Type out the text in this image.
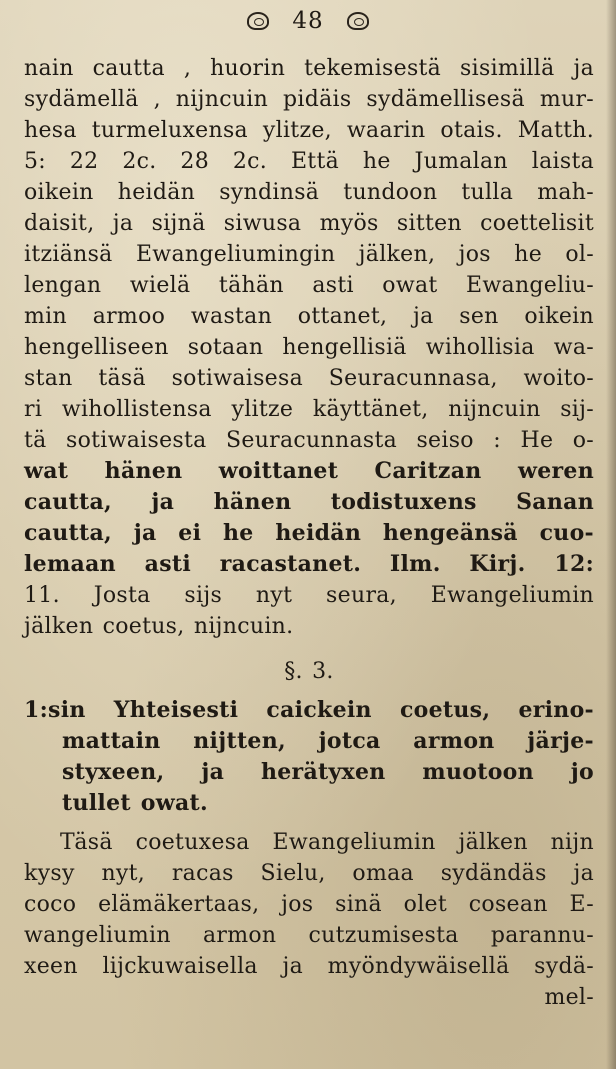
48
nain cautta , huorin tekemisestä sisimillä ja
sydämellä , nijncuin pidäis sydämellisesä mur-
hesa turmeluxensa ylitze, waarin otais. Matth.
5: 22 2c. 28 2c. Että he Jumalan laista
oikein heidän syndinsä tundoon tulla mah-
daisit, ja sijnä siwusa myös sitten coettelisit
itziänsä Ewangeliumingin jälken, jos he ol-
lengan wielä tähän asti owat Ewangeliu-
min armoo wastan ottanet, ja sen oikein
hengelliseen sotaan hengellisiä wihollisia wa-
stan täsä sotiwaisesa Seuracunnasa, woito-
ri wihollistensa ylitze käyttänet, nijncuin sij-
tä sotiwaisesta Seuracunnasta seiso : He o-
wat hänen woittanet Caritzan weren
cautta, ja hänen todistuxens Sanan
cautta, ja ei he heidän hengeänsä cuo-
lemaan asti racastanet. Ilm. Kirj. 12:
11. Josta sijs nyt seura, Ewangeliumin
jälken coetus, nijncuin.
§. 3.
1:sin Yhteisesti caickein coetus, erino-
mattain nijtten, jotca armon järje-
styxeen, ja herätyxen muotoon jo
tullet owat.
Täsä coetuxesa Ewangeliumin jälken nijn
kysy nyt, racas Sielu, omaa sydändäs ja
coco elämäkertaas, jos sinä olet cosean E-
wangeliumin armon cutzumisesta parannu-
xeen lijckuwaisella ja myöndywäisellä sydä-
mel-
